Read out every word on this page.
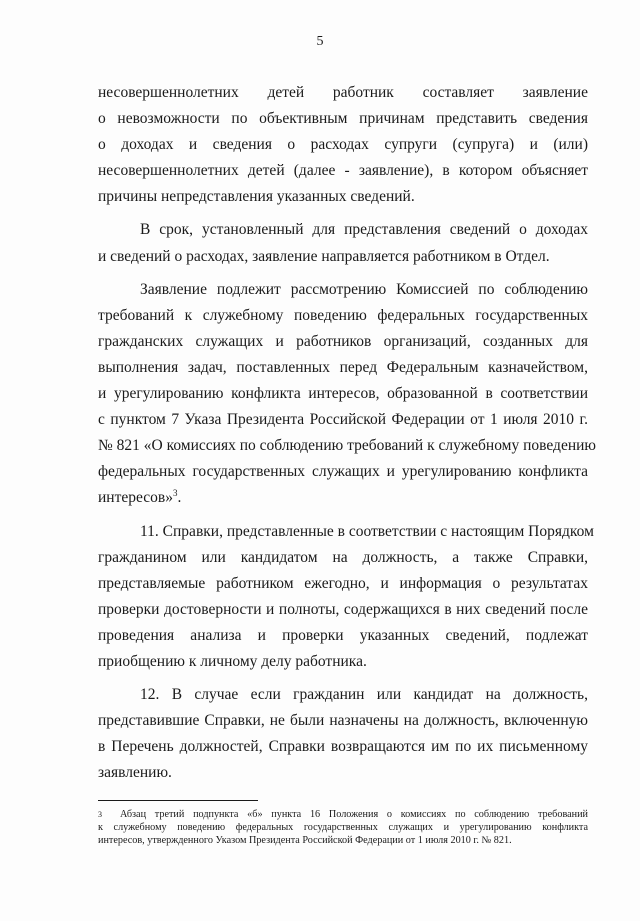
5

несовершеннолетних детей работник составляет заявление
о невозможности по объективным причинам представить сведения
о доходах и сведения о расходах супруги (супруга) и (или)
несовершеннолетних детей (далее - заявление), в котором объясняет
причины непредставления указанных сведений.

В срок, установленный для представления сведений о доходах
и сведений о расходах, заявление направляется работником в Отдел.

Заявление подлежит рассмотрению Комиссией по соблюдению
требований к служебному поведению федеральных государственных
гражданских служащих и работников организаций, созданных для
выполнения задач, поставленных перед Федеральным казначейством,
и урегулированию конфликта интересов, образованной в соответствии
с пунктом 7 Указа Президента Российской Федерации от 1 июля 2010 г.
№ 821 «О комиссиях по соблюдению требований к служебному поведению
федеральных государственных служащих и урегулированию конфликта
интересов»$^3$.

11. Справки, представленные в соответствии с настоящим Порядком
гражданином или кандидатом на должность, а также Справки,
представляемые работником ежегодно, и информация о результатах
проверки достоверности и полноты, содержащихся в них сведений после
проведения анализа и проверки указанных сведений, подлежат
приобщению к личному делу работника.

12. В случае если гражданин или кандидат на должность,
представившие Справки, не были назначены на должность, включенную
в Перечень должностей, Справки возвращаются им по их письменному
заявлению.

3 Абзац третий подпункта «б» пункта 16 Положения о комиссиях по соблюдению требований
к служебному поведению федеральных государственных служащих и урегулированию конфликта
интересов, утвержденного Указом Президента Российской Федерации от 1 июля 2010 г. № 821.
